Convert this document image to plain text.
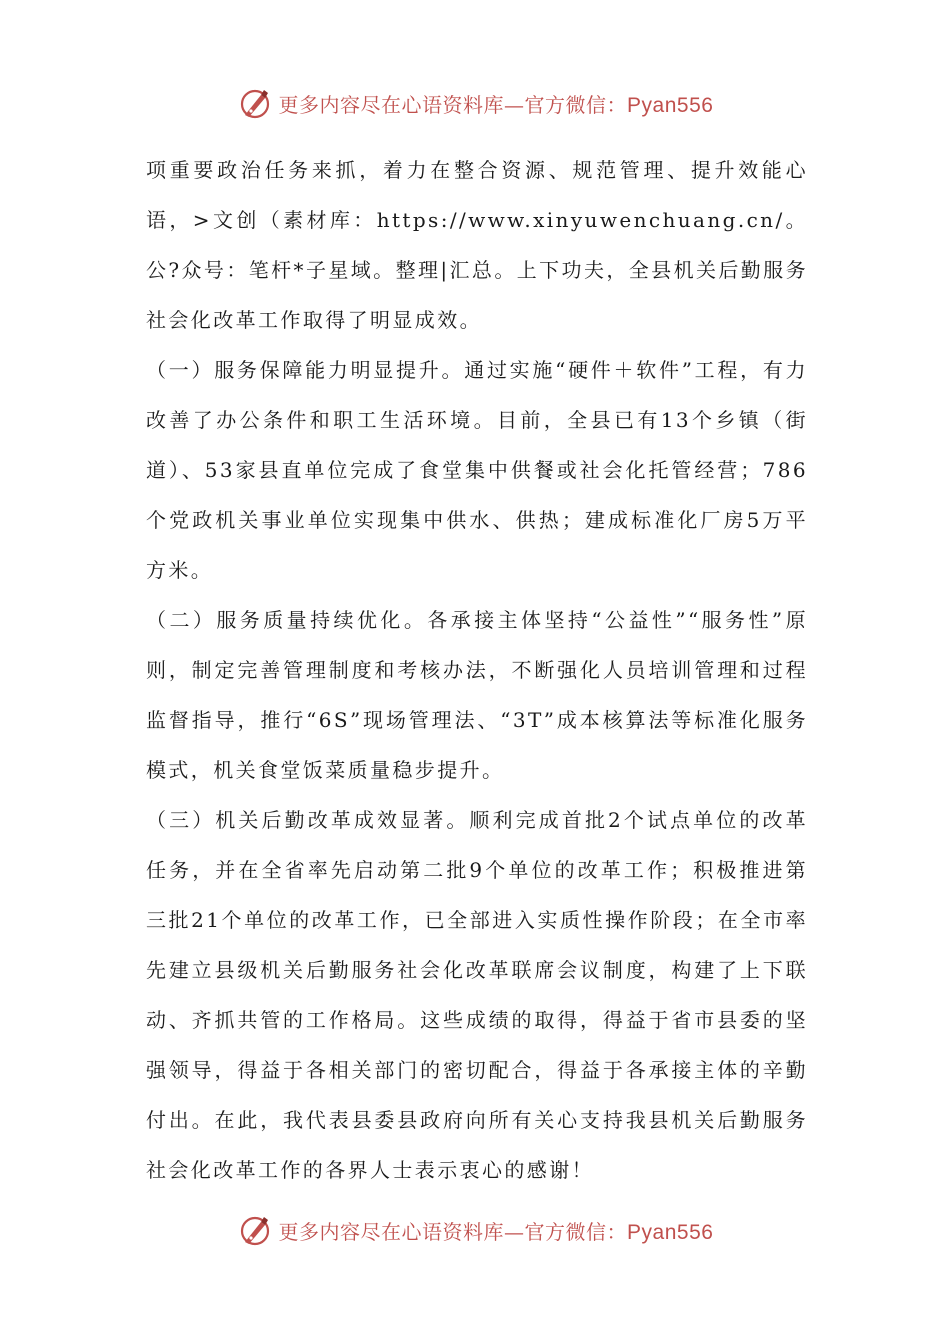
更多内容尽在心语资料库—官方微信：Pyan556

项重要政治任务来抓，着力在整合资源、规范管理、提升效能心语，>文创（素材库：https://www.xinyuwenchuang.cn/。公?众号：笔杆*子星域。整理|汇总。上下功夫，全县机关后勤服务社会化改革工作取得了明显成效。

（一）服务保障能力明显提升。通过实施“硬件＋软件”工程，有力改善了办公条件和职工生活环境。目前，全县已有13个乡镇（街道）、53家县直单位完成了食堂集中供餐或社会化托管经营；786个党政机关事业单位实现集中供水、供热；建成标准化厂房5万平方米。

（二）服务质量持续优化。各承接主体坚持“公益性”“服务性”原则，制定完善管理制度和考核办法，不断强化人员培训管理和过程监督指导，推行“6S”现场管理法、“3T”成本核算法等标准化服务模式，机关食堂饭菜质量稳步提升。

（三）机关后勤改革成效显著。顺利完成首批2个试点单位的改革任务，并在全省率先启动第二批9个单位的改革工作；积极推进第三批21个单位的改革工作，已全部进入实质性操作阶段；在全市率先建立县级机关后勤服务社会化改革联席会议制度，构建了上下联动、齐抓共管的工作格局。这些成绩的取得，得益于省市县委的坚强领导，得益于各相关部门的密切配合，得益于各承接主体的辛勤付出。在此，我代表县委县政府向所有关心支持我县机关后勤服务社会化改革工作的各界人士表示衷心的感谢！

更多内容尽在心语资料库—官方微信：Pyan556
